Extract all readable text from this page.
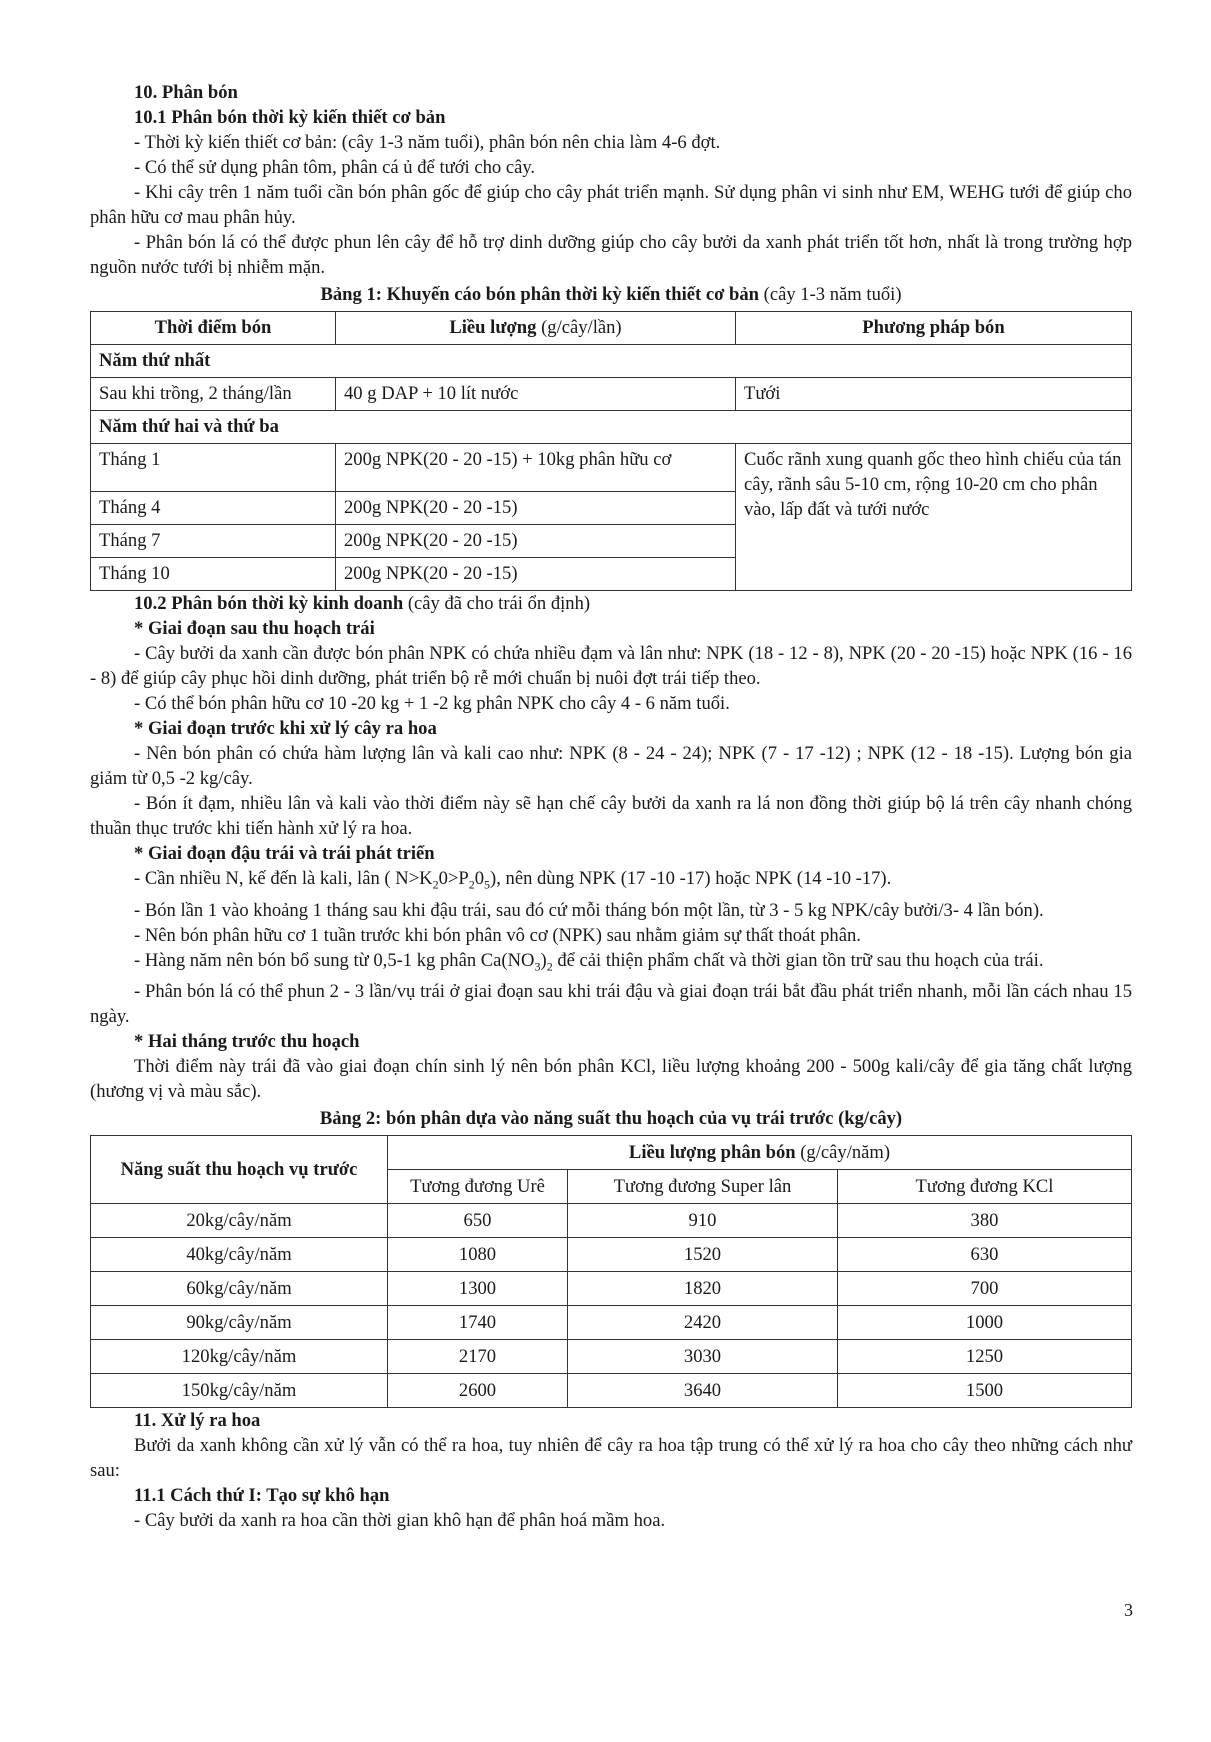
10. Phân bón

10.1 Phân bón thời kỳ kiến thiết cơ bản

- Thời kỳ kiến thiết cơ bản: (cây 1-3 năm tuổi), phân bón nên chia làm 4-6 đợt.

- Có thể sử dụng phân tôm, phân cá ủ để tưới cho cây.

- Khi cây trên 1 năm tuổi cần bón phân gốc để giúp cho cây phát triển mạnh. Sử dụng phân vi sinh như EM, WEHG tưới để giúp cho phân hữu cơ mau phân hủy.

- Phân bón lá có thể được phun lên cây để hỗ trợ dinh dưỡng giúp cho cây bưởi da xanh phát triển tốt hơn, nhất là trong trường hợp nguồn nước tưới bị nhiễm mặn.

Bảng 1: Khuyến cáo bón phân thời kỳ kiến thiết cơ bản (cây 1-3 năm tuổi)

Thời điểm bón	Liều lượng (g/cây/lần)	Phương pháp bón
Năm thứ nhất		
Sau khi trồng, 2 tháng/lần	40 g DAP + 10 lít nước	Tưới
Năm thứ hai và thứ ba		
Tháng 1	200g NPK(20 - 20 -15) + 10kg phân hữu cơ	Cuốc rãnh xung quanh gốc theo hình chiếu của tán cây, rãnh sâu 5-10 cm, rộng 10-20 cm cho phân vào, lấp đất và tưới nước
Tháng 4	200g NPK(20 - 20 -15)	
Tháng 7	200g NPK(20 - 20 -15)	
Tháng 10	200g NPK(20 - 20 -15)	

10.2 Phân bón thời kỳ kinh doanh (cây đã cho trái ổn định)

* Giai đoạn sau thu hoạch trái

- Cây bưởi da xanh cần được bón phân NPK có chứa nhiều đạm và lân như: NPK (18 - 12 - 8), NPK (20 - 20 -15) hoặc NPK (16 - 16 - 8) để giúp cây phục hồi dinh dưỡng, phát triển bộ rễ mới chuẩn bị nuôi đợt trái tiếp theo.

- Có thể bón phân hữu cơ 10 -20 kg + 1 -2 kg phân NPK cho cây 4 - 6 năm tuổi.

* Giai đoạn trước khi xử lý cây ra hoa

- Nên bón phân có chứa hàm lượng lân và kali cao như: NPK (8 - 24 - 24); NPK (7 - 17 -12) ; NPK (12 - 18 -15). Lượng bón gia giảm từ 0,5 -2 kg/cây.

- Bón ít đạm, nhiều lân và kali vào thời điểm này sẽ hạn chế cây bưởi da xanh ra lá non đồng thời giúp bộ lá trên cây nhanh chóng thuần thục trước khi tiến hành xử lý ra hoa.

* Giai đoạn đậu trái và trái phát triển

- Cần nhiều N, kế đến là kali, lân ( $N>K_20>P_20_5$), nên dùng NPK (17 -10 -17) hoặc NPK (14 -10 -17).

- Bón lần 1 vào khoảng 1 tháng sau khi đậu trái, sau đó cứ mỗi tháng bón một lần, từ 3 - 5 kg NPK/cây bưởi/3- 4 lần bón).

- Nên bón phân hữu cơ 1 tuần trước khi bón phân vô cơ (NPK) sau nhằm giảm sự thất thoát phân.

- Hàng năm nên bón bổ sung từ 0,5-1 kg phân $Ca(NO_3)_2$ để cải thiện phẩm chất và thời gian tồn trữ sau thu hoạch của trái.

- Phân bón lá có thể phun 2 - 3 lần/vụ trái ở giai đoạn sau khi trái đậu và giai đoạn trái bắt đầu phát triển nhanh, mỗi lần cách nhau 15 ngày.

* Hai tháng trước thu hoạch

Thời điểm này trái đã vào giai đoạn chín sinh lý nên bón phân KCl, liều lượng khoảng 200 - 500g kali/cây để gia tăng chất lượng (hương vị và màu sắc).

Bảng 2: bón phân dựa vào năng suất thu hoạch của vụ trái trước (kg/cây)

Năng suất thu hoạch vụ trước	Liều lượng phân bón (g/cây/năm)		
	Tương đương Urê	Tương đương Super lân	Tương đương KCl
20kg/cây/năm	650	910	380
40kg/cây/năm	1080	1520	630
60kg/cây/năm	1300	1820	700
90kg/cây/năm	1740	2420	1000
120kg/cây/năm	2170	3030	1250
150kg/cây/năm	2600	3640	1500

11. Xử lý ra hoa

Bưởi da xanh không cần xử lý vẫn có thể ra hoa, tuy nhiên để cây ra hoa tập trung có thể xử lý ra hoa cho cây theo những cách như sau:

11.1 Cách thứ I: Tạo sự khô hạn

- Cây bưởi da xanh ra hoa cần thời gian khô hạn để phân hoá mầm hoa.

3
